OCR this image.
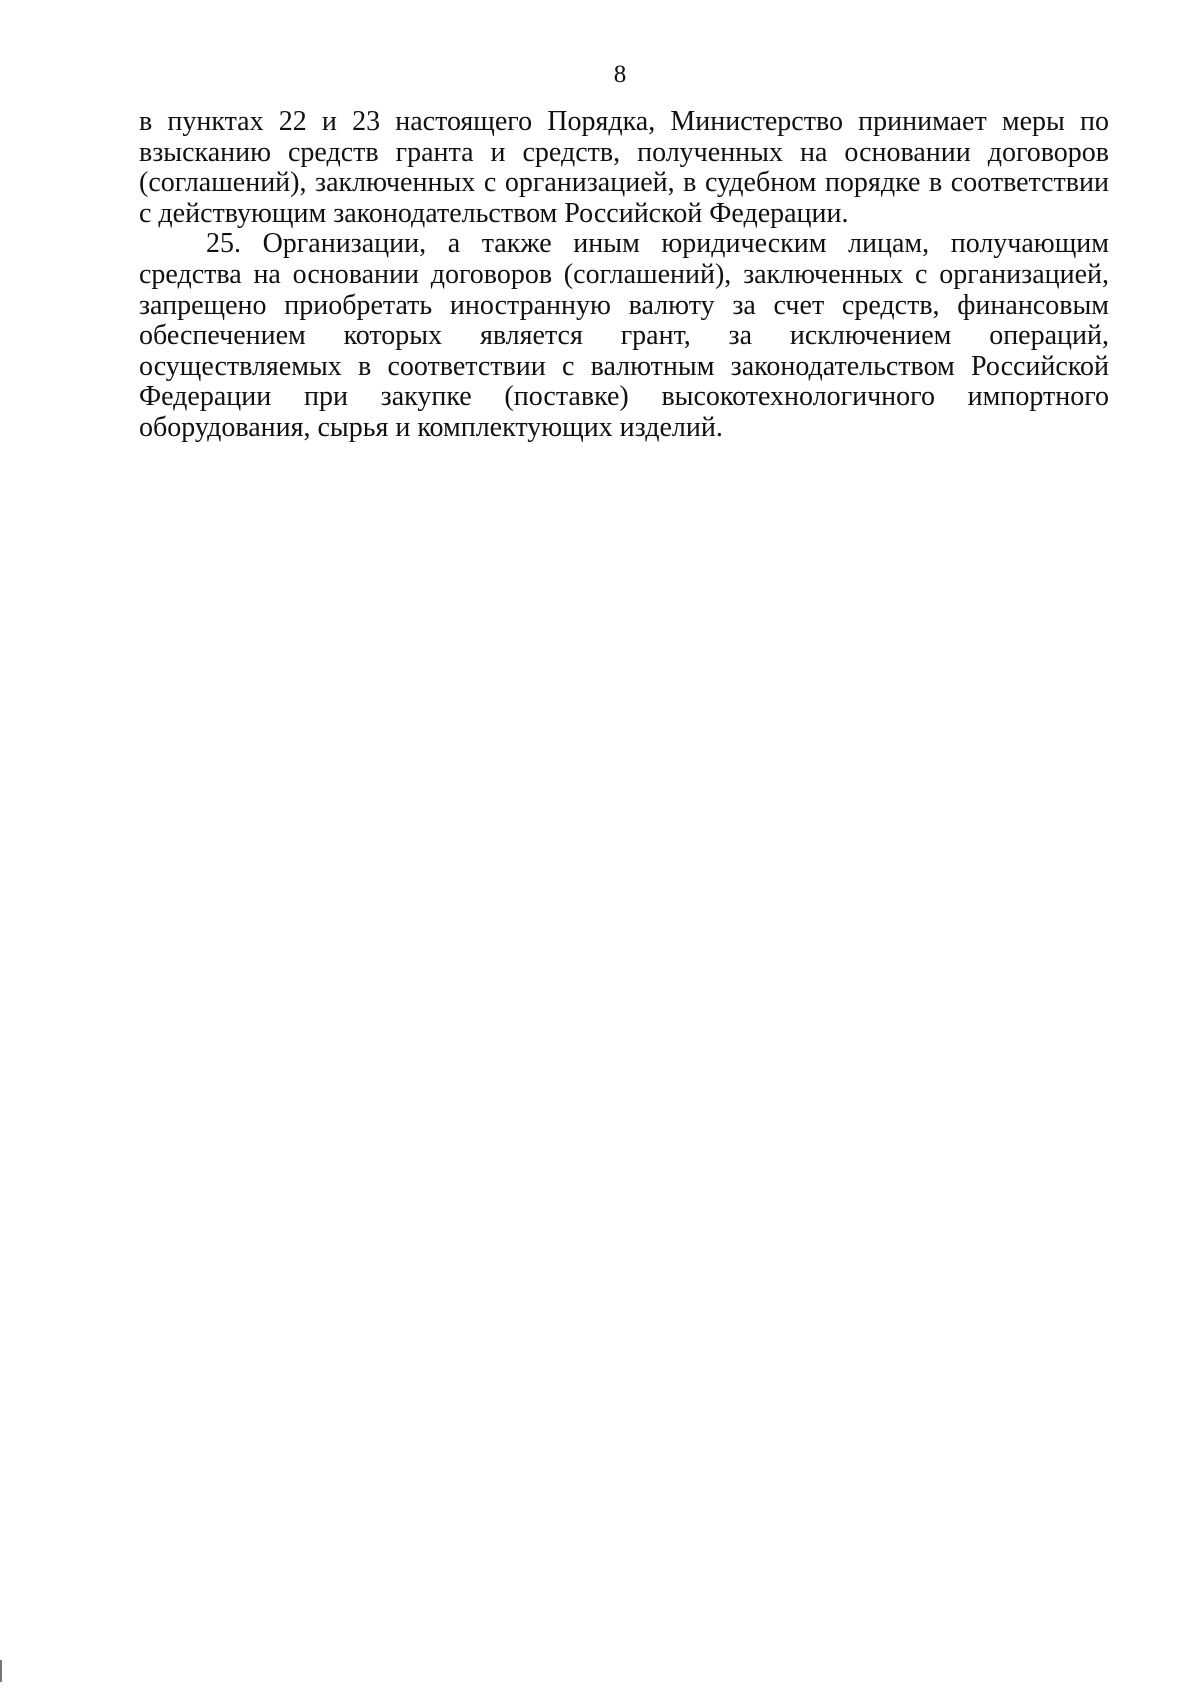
8
в пунктах 22 и 23 настоящего Порядка, Министерство принимает меры по
взысканию средств гранта и средств, полученных на основании договоров
(соглашений), заключенных с организацией, в судебном порядке в соответствии
с действующим законодательством Российской Федерации.
25. Организации, а также иным юридическим лицам, получающим
средства на основании договоров (соглашений), заключенных с организацией,
запрещено приобретать иностранную валюту за счет средств, финансовым
обеспечением которых является грант, за исключением операций,
осуществляемых в соответствии с валютным законодательством Российской
Федерации при закупке (поставке) высокотехнологичного импортного
оборудования, сырья и комплектующих изделий.
